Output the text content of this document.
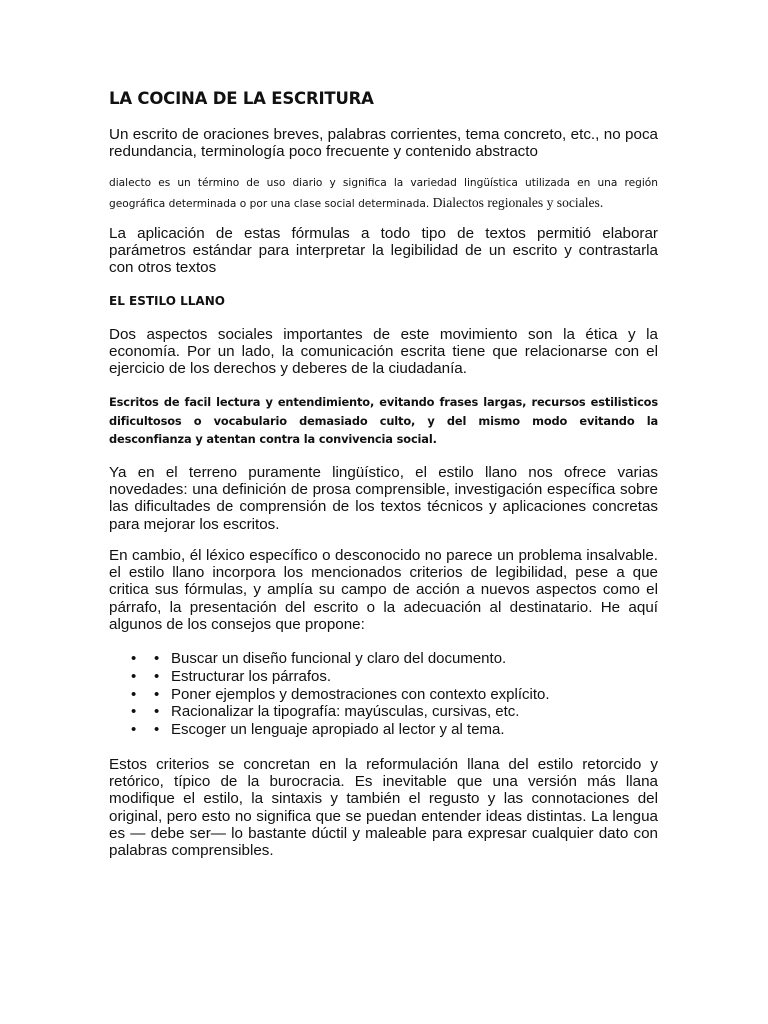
LA COCINA DE LA ESCRITURA

Un escrito de oraciones breves, palabras corrientes, tema concreto, etc., no poca redundancia, terminología poco frecuente y contenido abstracto

dialecto es un término de uso diario y significa la variedad lingüística utilizada en una región geográfica determinada o por una clase social determinada. Dialectos regionales y sociales.

La aplicación de estas fórmulas a todo tipo de textos permitió elaborar parámetros estándar para interpretar la legibilidad de un escrito y contrastarla con otros textos

EL ESTILO LLANO

Dos aspectos sociales importantes de este movimiento son la ética y la economía. Por un lado, la comunicación escrita tiene que relacionarse con el ejercicio de los derechos y deberes de la ciudadanía.

Escritos de facil lectura y entendimiento, evitando frases largas, recursos estilisticos dificultosos o vocabulario demasiado culto, y del mismo modo evitando la desconfianza y atentan contra la convivencia social.

Ya en el terreno puramente lingüístico, el estilo llano nos ofrece varias novedades: una definición de prosa comprensible, investigación específica sobre las dificultades de comprensión de los textos técnicos y aplicaciones concretas para mejorar los escritos.

En cambio, él léxico específico o desconocido no parece un problema insalvable. el estilo llano incorpora los mencionados criterios de legibilidad, pese a que critica sus fórmulas, y amplía su campo de acción a nuevos aspectos como el párrafo, la presentación del escrito o la adecuación al destinatario. He aquí algunos de los consejos que propone:

• • Buscar un diseño funcional y claro del documento.
• • Estructurar los párrafos.
• • Poner ejemplos y demostraciones con contexto explícito.
• • Racionalizar la tipografía: mayúsculas, cursivas, etc.
• • Escoger un lenguaje apropiado al lector y al tema.

Estos criterios se concretan en la reformulación llana del estilo retorcido y retórico, típico de la burocracia. Es inevitable que una versión más llana modifique el estilo, la sintaxis y también el regusto y las connotaciones del original, pero esto no significa que se puedan entender ideas distintas. La lengua es — debe ser— lo bastante dúctil y maleable para expresar cualquier dato con palabras comprensibles.
